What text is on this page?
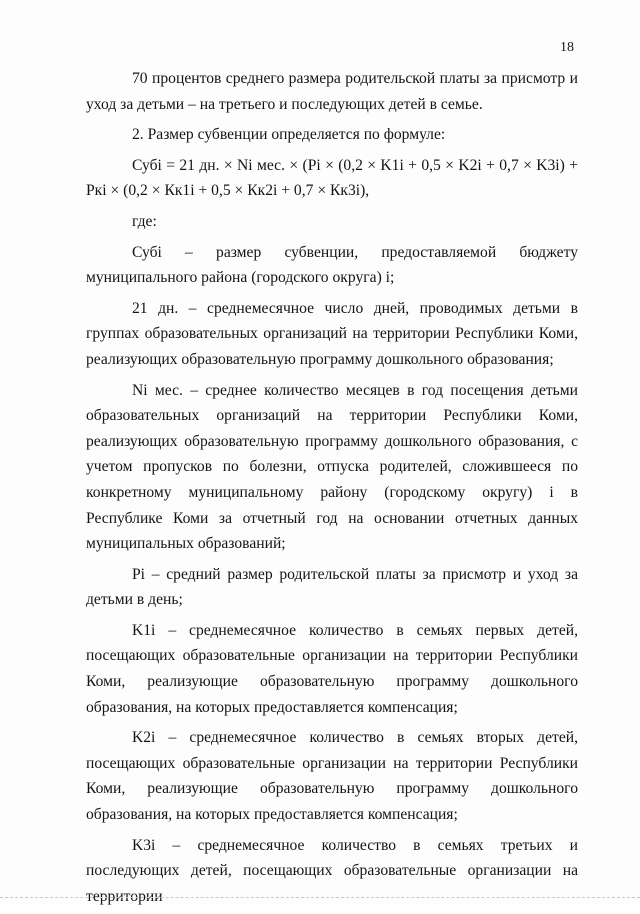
18

70 процентов среднего размера родительской платы за присмотр и уход за детьми – на третьего и последующих детей в семье.

2. Размер субвенции определяется по формуле:

Субi = 21 дн. × Ni мес. × (Pi × (0,2 × K1i + 0,5 × K2i + 0,7 × K3i) + Pкi × (0,2 × Кк1i + 0,5 × Кк2i + 0,7 × Кк3i),

где:

Субi – размер субвенции, предоставляемой бюджету муниципального района (городского округа) i;

21 дн. – среднемесячное число дней, проводимых детьми в группах образовательных организаций на территории Республики Коми, реализующих образовательную программу дошкольного образования;

Ni мес. – среднее количество месяцев в год посещения детьми образовательных организаций на территории Республики Коми, реализующих образовательную программу дошкольного образования, с учетом пропусков по болезни, отпуска родителей, сложившееся по конкретному муниципальному району (городскому округу) i в Республике Коми за отчетный год на основании отчетных данных муниципальных образований;

Pi – средний размер родительской платы за присмотр и уход за детьми в день;

K1i – среднемесячное количество в семьях первых детей, посещающих образовательные организации на территории Республики Коми, реализующие образовательную программу дошкольного образования, на которых предоставляется компенсация;

K2i – среднемесячное количество в семьях вторых детей, посещающих образовательные организации на территории Республики Коми, реализующие образовательную программу дошкольного образования, на которых предоставляется компенсация;

K3i – среднемесячное количество в семьях третьих и последующих детей, посещающих образовательные организации на территории
